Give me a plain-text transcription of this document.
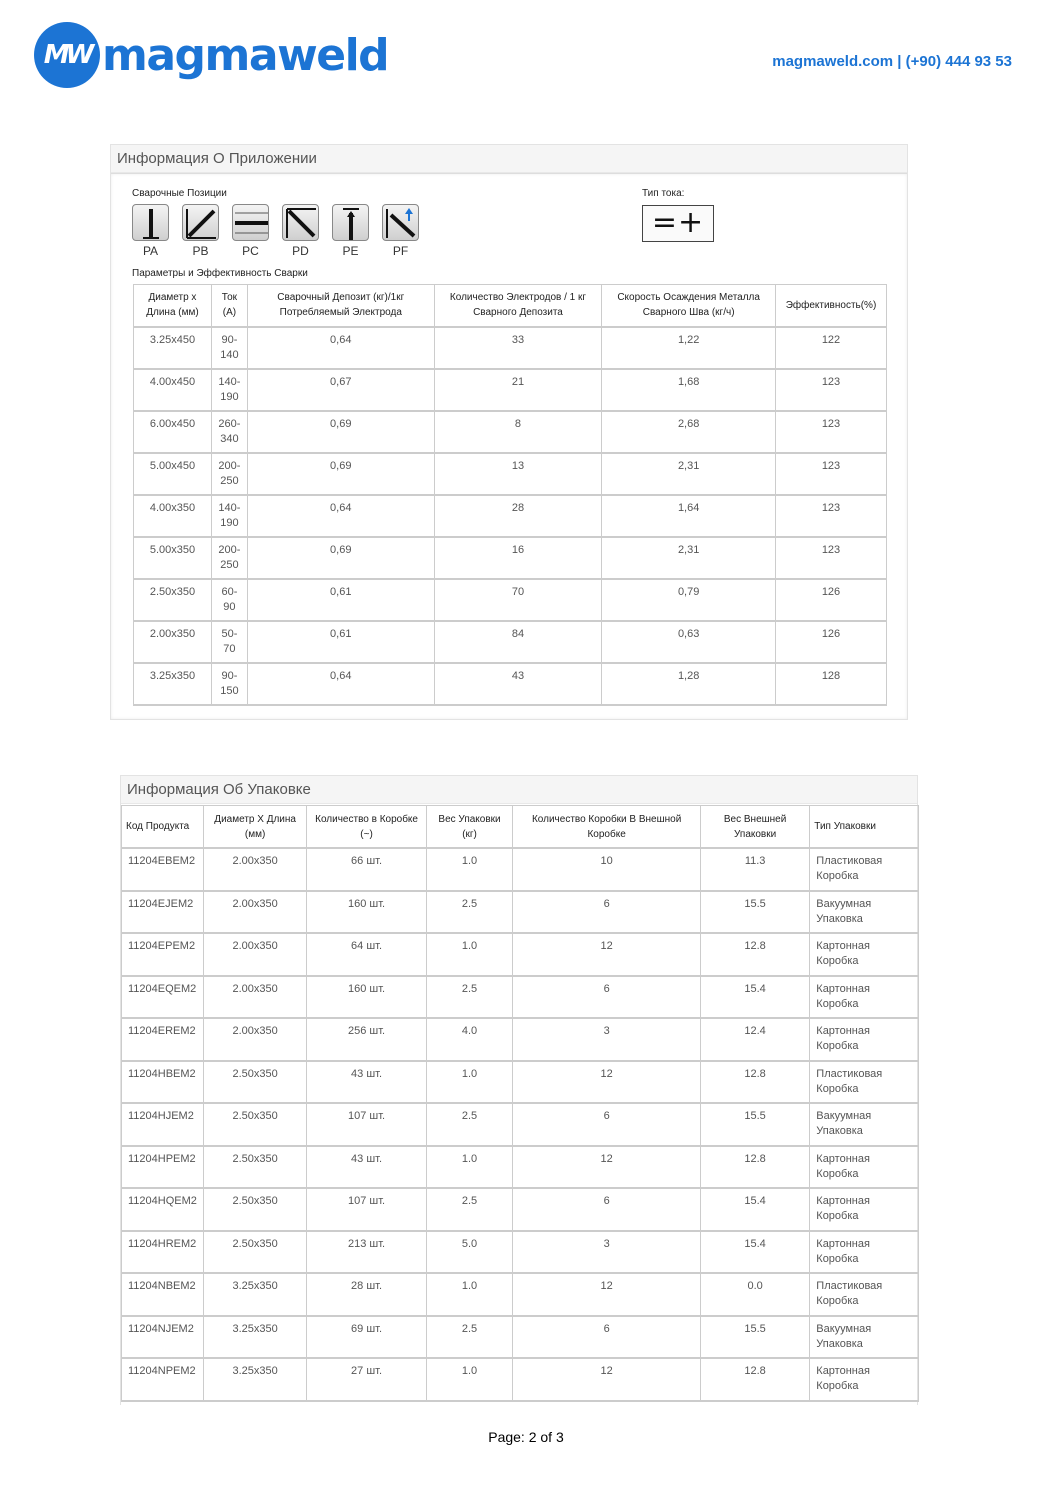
MW magmaweld	magmaweld.com | (+90) 444 93 53
Информация О Приложении
Сварочные Позиции
PA	PB	PC	PD	PE	PF
Тип тока:
=+
Параметры и Эффективность Сварки
Диаметр x Длина (мм)	Ток (А)	Сварочный Депозит (кг)/1кг Потребляемый Электрода	Количество Электродов / 1 кг Сварного Депозита	Скорость Осаждения Металла Сварного Шва (кг/ч)	Эффективность(%)
3.25x450	90-140	0,64	33	1,22	122
4.00x450	140-190	0,67	21	1,68	123
6.00x450	260-340	0,69	8	2,68	123
5.00x450	200-250	0,69	13	2,31	123
4.00x350	140-190	0,64	28	1,64	123
5.00x350	200-250	0,69	16	2,31	123
2.50x350	60-90	0,61	70	0,79	126
2.00x350	50-70	0,61	84	0,63	126
3.25x350	90-150	0,64	43	1,28	128
Информация Об Упаковке
Код Продукта	Диаметр X Длина (мм)	Количество в Коробке (~)	Вес Упаковки (кг)	Количество Коробки В Внешной Коробке	Вес Внешней Упаковки	Тип Упаковки
11204EBEM2	2.00x350	66 шт.	1.0	10	11.3	Пластиковая Коробка
11204EJEM2	2.00x350	160 шт.	2.5	6	15.5	Вакуумная Упаковка
11204EPEM2	2.00x350	64 шт.	1.0	12	12.8	Картонная Коробка
11204EQEM2	2.00x350	160 шт.	2.5	6	15.4	Картонная Коробка
11204EREM2	2.00x350	256 шт.	4.0	3	12.4	Картонная Коробка
11204HBEM2	2.50x350	43 шт.	1.0	12	12.8	Пластиковая Коробка
11204HJEM2	2.50x350	107 шт.	2.5	6	15.5	Вакуумная Упаковка
11204HPEM2	2.50x350	43 шт.	1.0	12	12.8	Картонная Коробка
11204HQEM2	2.50x350	107 шт.	2.5	6	15.4	Картонная Коробка
11204HREM2	2.50x350	213 шт.	5.0	3	15.4	Картонная Коробка
11204NBEM2	3.25x350	28 шт.	1.0	12	0.0	Пластиковая Коробка
11204NJEM2	3.25x350	69 шт.	2.5	6	15.5	Вакуумная Упаковка
11204NPEM2	3.25x350	27 шт.	1.0	12	12.8	Картонная Коробка
Page: 2 of 3
